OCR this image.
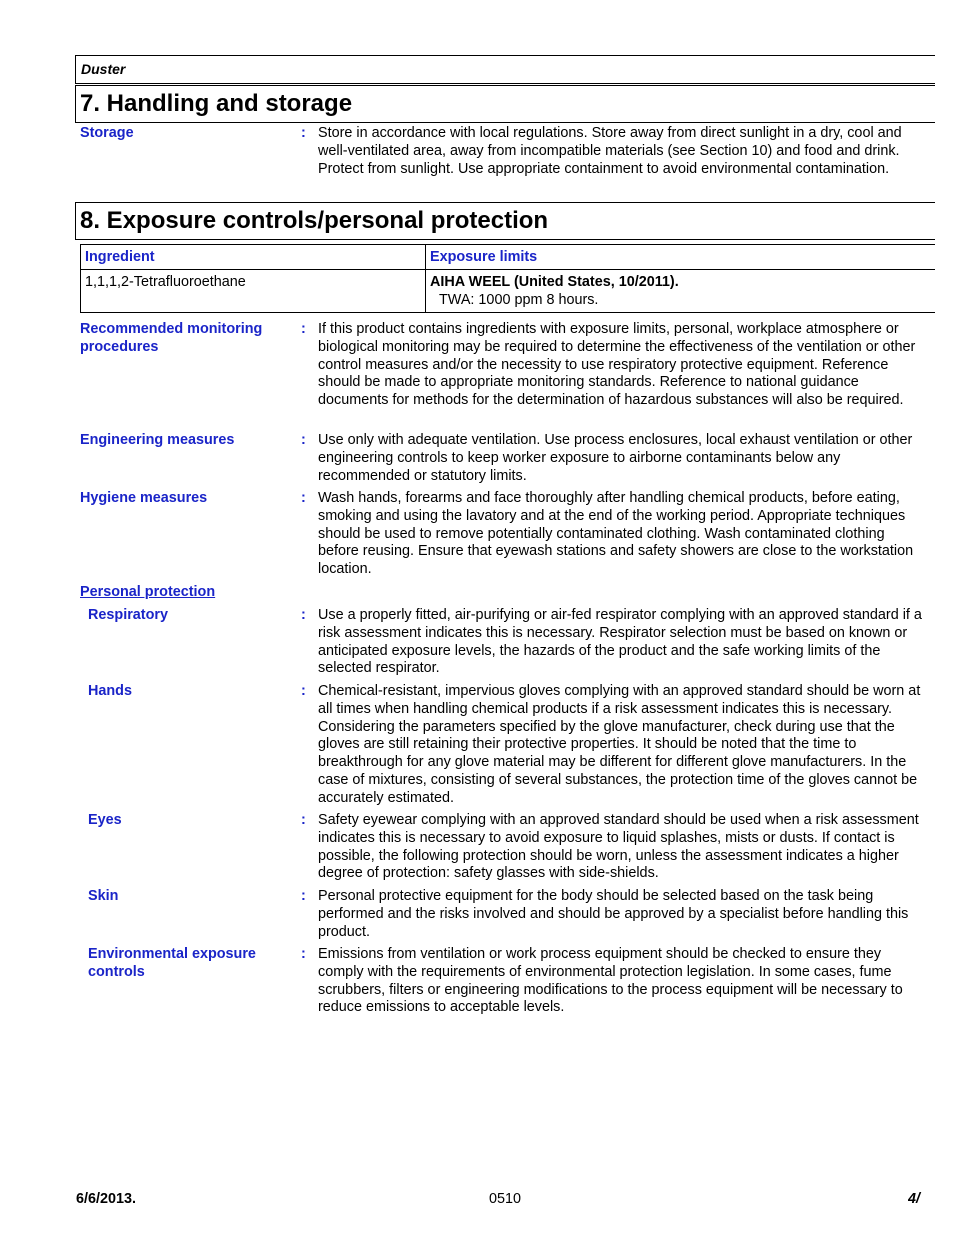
Duster
7. Handling and storage
Storage	: Store in accordance with local regulations. Store away from direct sunlight in a dry, cool and well-ventilated area, away from incompatible materials (see Section 10) and food and drink. Protect from sunlight. Use appropriate containment to avoid environmental contamination.
8. Exposure controls/personal protection
Ingredient	Exposure limits
1,1,1,2-Tetrafluoroethane	AIHA WEEL (United States, 10/2011).
TWA: 1000 ppm 8 hours.
Recommended monitoring procedures
: If this product contains ingredients with exposure limits, personal, workplace atmosphere or biological monitoring may be required to determine the effectiveness of the ventilation or other control measures and/or the necessity to use respiratory protective equipment. Reference should be made to appropriate monitoring standards. Reference to national guidance documents for methods for the determination of hazardous substances will also be required.
Engineering measures	: Use only with adequate ventilation. Use process enclosures, local exhaust ventilation or other engineering controls to keep worker exposure to airborne contaminants below any recommended or statutory limits.
Hygiene measures	: Wash hands, forearms and face thoroughly after handling chemical products, before eating, smoking and using the lavatory and at the end of the working period. Appropriate techniques should be used to remove potentially contaminated clothing. Wash contaminated clothing before reusing. Ensure that eyewash stations and safety showers are close to the workstation location.
Personal protection
Respiratory	: Use a properly fitted, air-purifying or air-fed respirator complying with an approved standard if a risk assessment indicates this is necessary. Respirator selection must be based on known or anticipated exposure levels, the hazards of the product and the safe working limits of the selected respirator.
Hands	: Chemical-resistant, impervious gloves complying with an approved standard should be worn at all times when handling chemical products if a risk assessment indicates this is necessary. Considering the parameters specified by the glove manufacturer, check during use that the gloves are still retaining their protective properties. It should be noted that the time to breakthrough for any glove material may be different for different glove manufacturers. In the case of mixtures, consisting of several substances, the protection time of the gloves cannot be accurately estimated.
Eyes	: Safety eyewear complying with an approved standard should be used when a risk assessment indicates this is necessary to avoid exposure to liquid splashes, mists or dusts. If contact is possible, the following protection should be worn, unless the assessment indicates a higher degree of protection: safety glasses with side-shields.
Skin	: Personal protective equipment for the body should be selected based on the task being performed and the risks involved and should be approved by a specialist before handling this product.
Environmental exposure controls
: Emissions from ventilation or work process equipment should be checked to ensure they comply with the requirements of environmental protection legislation. In some cases, fume scrubbers, filters or engineering modifications to the process equipment will be necessary to reduce emissions to acceptable levels.
6/6/2013.	0510	4/
